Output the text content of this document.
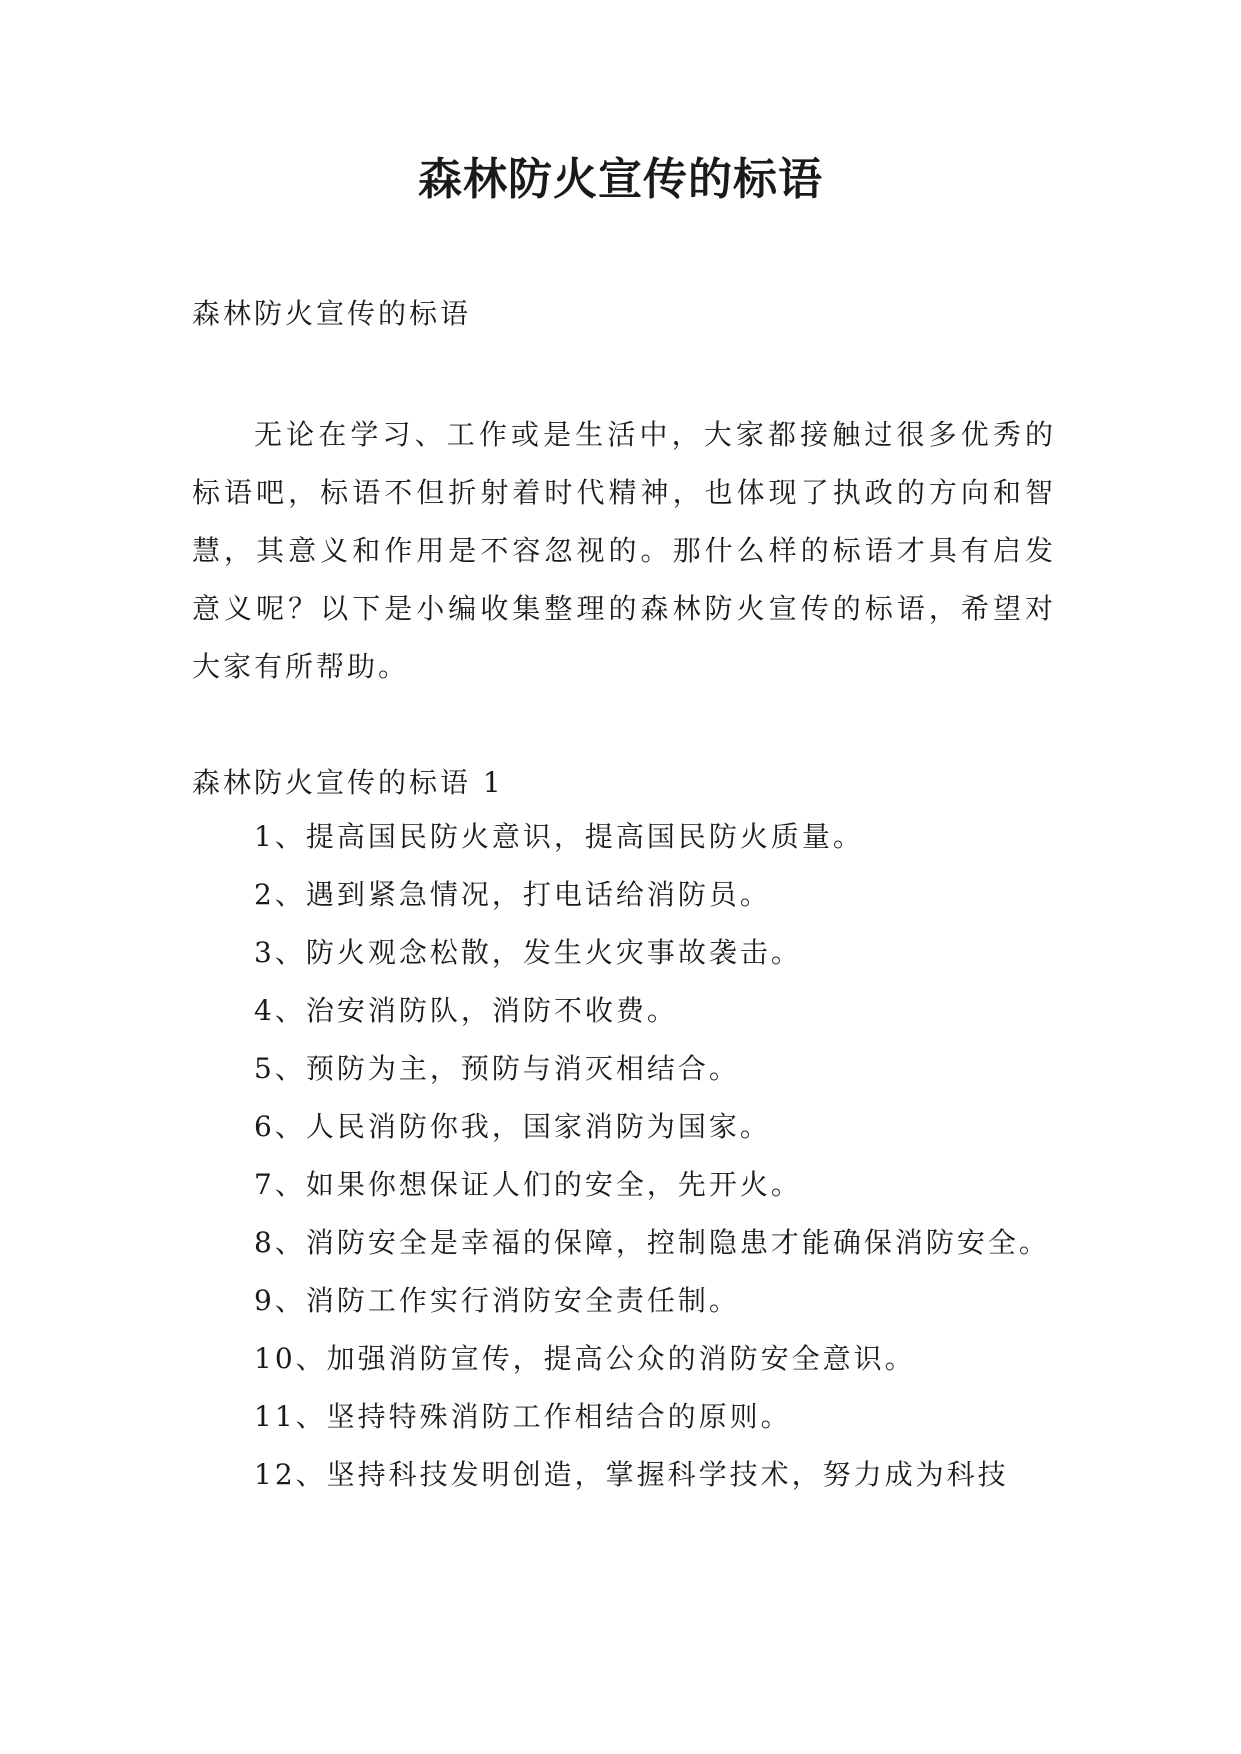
森林防火宣传的标语

森林防火宣传的标语

无论在学习、工作或是生活中，大家都接触过很多优秀的标语吧，标语不但折射着时代精神，也体现了执政的方向和智慧，其意义和作用是不容忽视的。那什么样的标语才具有启发意义呢？以下是小编收集整理的森林防火宣传的标语，希望对大家有所帮助。

森林防火宣传的标语 1

1、提高国民防火意识，提高国民防火质量。
2、遇到紧急情况，打电话给消防员。
3、防火观念松散，发生火灾事故袭击。
4、治安消防队，消防不收费。
5、预防为主，预防与消灭相结合。
6、人民消防你我，国家消防为国家。
7、如果你想保证人们的安全，先开火。
8、消防安全是幸福的保障，控制隐患才能确保消防安全。
9、消防工作实行消防安全责任制。
10、加强消防宣传，提高公众的消防安全意识。
11、坚持特殊消防工作相结合的原则。
12、坚持科技发明创造，掌握科学技术，努力成为科技
